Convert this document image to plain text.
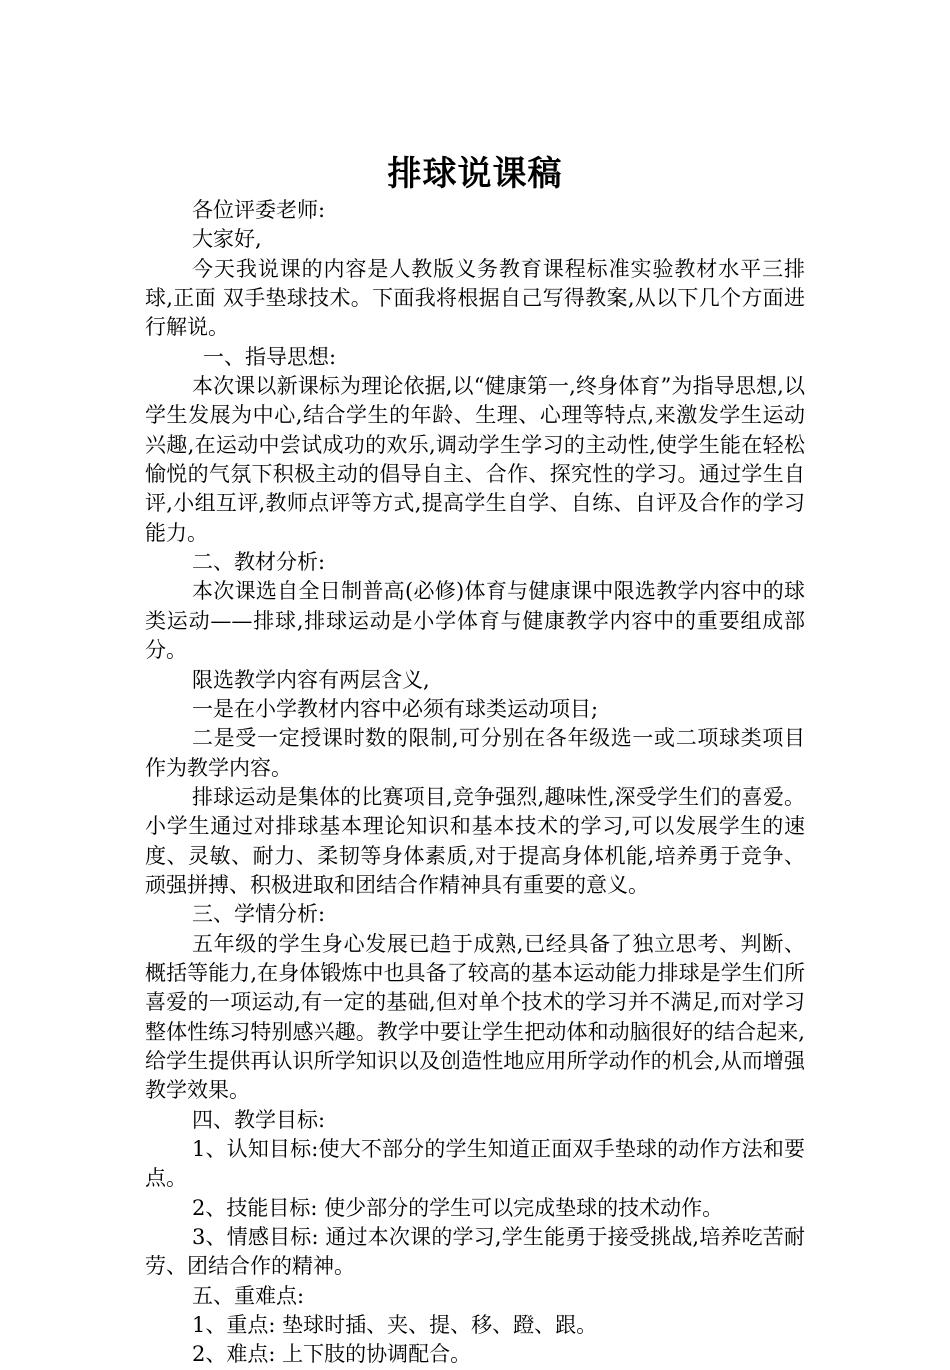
排球说课稿

各位评委老师:

大家好,

今天我说课的内容是人教版义务教育课程标准实验教材水平三排球,正面 双手垫球技术。下面我将根据自己写得教案,从以下几个方面进行解说。

一、指导思想:

本次课以新课标为理论依据,以“健康第一,终身体育”为指导思想,以学生发展为中心,结合学生的年龄、生理、心理等特点,来激发学生运动兴趣,在运动中尝试成功的欢乐,调动学生学习的主动性,使学生能在轻松愉悦的气氛下积极主动的倡导自主、合作、探究性的学习。通过学生自评,小组互评,教师点评等方式,提高学生自学、自练、自评及合作的学习能力。

二、教材分析:

本次课选自全日制普高(必修)体育与健康课中限选教学内容中的球类运动——排球,排球运动是小学体育与健康教学内容中的重要组成部分。

限选教学内容有两层含义,

一是在小学教材内容中必须有球类运动项目;

二是受一定授课时数的限制,可分别在各年级选一或二项球类项目作为教学内容。

排球运动是集体的比赛项目,竞争强烈,趣味性,深受学生们的喜爱。小学生通过对排球基本理论知识和基本技术的学习,可以发展学生的速度、灵敏、耐力、柔韧等身体素质,对于提高身体机能,培养勇于竞争、顽强拼搏、积极进取和团结合作精神具有重要的意义。

三、学情分析:

五年级的学生身心发展已趋于成熟,已经具备了独立思考、判断、概括等能力,在身体锻炼中也具备了较高的基本运动能力排球是学生们所喜爱的一项运动,有一定的基础,但对单个技术的学习并不满足,而对学习整体性练习特别感兴趣。教学中要让学生把动体和动脑很好的结合起来,给学生提供再认识所学知识以及创造性地应用所学动作的机会,从而增强教学效果。

四、教学目标:

1、认知目标:使大不部分的学生知道正面双手垫球的动作方法和要点。

2、技能目标: 使少部分的学生可以完成垫球的技术动作。

3、情感目标: 通过本次课的学习,学生能勇于接受挑战,培养吃苦耐劳、团结合作的精神。

五、重难点:

1、重点: 垫球时插、夹、提、移、蹬、跟。

2、难点: 上下肢的协调配合。
